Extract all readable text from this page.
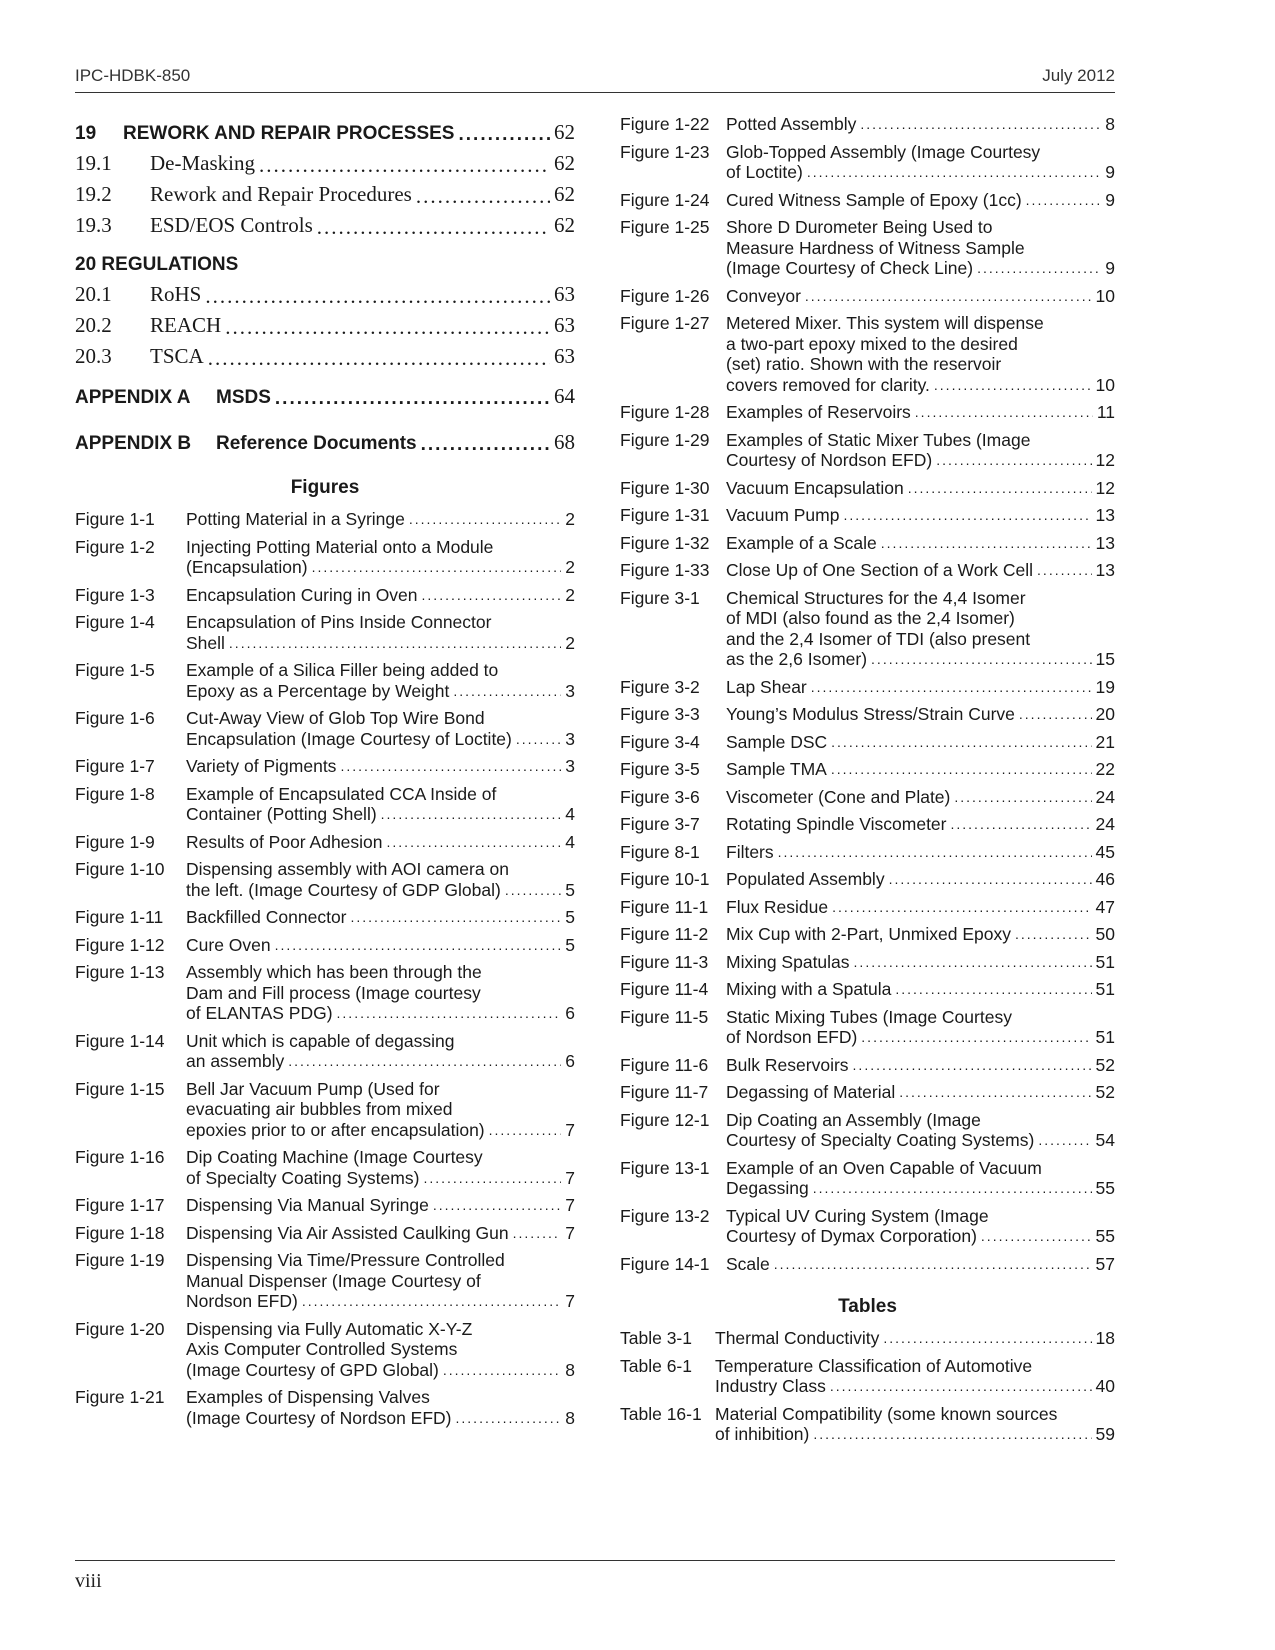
IPC-HDBK-850	July 2012
19	REWORK AND REPAIR PROCESSES .....	62
19.1	De-Masking .....	62
19.2	Rework and Repair Procedures .....	62
19.3	ESD/EOS Controls .....	62
20
REGULATIONS
20.1	RoHS .....	63
20.2	REACH .....	63
20.3	TSCA .....	63
APPENDIX A	MSDS .....	64
APPENDIX B	Reference Documents .....	68
Figures
Figure 1-1	Potting Material in a Syringe .....	2
Figure 1-2	Injecting Potting Material onto a Module
(Encapsulation) .....	2
Figure 1-3	Encapsulation Curing in Oven .....	2
Figure 1-4	Encapsulation of Pins Inside Connector
Shell .....	2
Figure 1-5	Example of a Silica Filler being added to
Epoxy as a Percentage by Weight .....	3
Figure 1-6	Cut-Away View of Glob Top Wire Bond
Encapsulation (Image Courtesy of Loctite) .....	3
Figure 1-7	Variety of Pigments .....	3
Figure 1-8	Example of Encapsulated CCA Inside of
Container (Potting Shell) .....	4
Figure 1-9	Results of Poor Adhesion .....	4
Figure 1-10	Dispensing assembly with AOI camera on
the left. (Image Courtesy of GDP Global) .....	5
Figure 1-11	Backfilled Connector .....	5
Figure 1-12	Cure Oven .....	5
Figure 1-13	Assembly which has been through the
Dam and Fill process (Image courtesy
of ELANTAS PDG) .....	6
Figure 1-14	Unit which is capable of degassing
an assembly .....	6
Figure 1-15	Bell Jar Vacuum Pump (Used for
evacuating air bubbles from mixed
epoxies prior to or after encapsulation) .....	7
Figure 1-16	Dip Coating Machine (Image Courtesy
of Specialty Coating Systems) .....	7
Figure 1-17	Dispensing Via Manual Syringe .....	7
Figure 1-18	Dispensing Via Air Assisted Caulking Gun .....	7
Figure 1-19	Dispensing Via Time/Pressure Controlled
Manual Dispenser (Image Courtesy of
Nordson EFD) .....	7
Figure 1-20	Dispensing via Fully Automatic X-Y-Z
Axis Computer Controlled Systems
(Image Courtesy of GPD Global) .....	8
Figure 1-21	Examples of Dispensing Valves
(Image Courtesy of Nordson EFD) .....	8
Figure 1-22 Potted Assembly .....	8
Figure 1-23 Glob-Topped Assembly (Image Courtesy
of Loctite) .....	9
Figure 1-24 Cured Witness Sample of Epoxy (1cc) .....	9
Figure 1-25 Shore D Durometer Being Used to
Measure Hardness of Witness Sample
(Image Courtesy of Check Line) .....	9
Figure 1-26 Conveyor .....	10
Figure 1-27 Metered Mixer. This system will dispense
a two-part epoxy mixed to the desired
(set) ratio. Shown with the reservoir
covers removed for clarity. .....	10
Figure 1-28 Examples of Reservoirs .....	11
Figure 1-29 Examples of Static Mixer Tubes (Image
Courtesy of Nordson EFD) .....	12
Figure 1-30 Vacuum Encapsulation .....	12
Figure 1-31 Vacuum Pump .....	13
Figure 1-32 Example of a Scale .....	13
Figure 1-33 Close Up of One Section of a Work Cell .....	13
Figure 3-1	Chemical Structures for the 4,4 Isomer
of MDI (also found as the 2,4 Isomer)
and the 2,4 Isomer of TDI (also present
as the 2,6 Isomer) .....	15
Figure 3-2	Lap Shear .....	19
Figure 3-3	Young’s Modulus Stress/Strain Curve .....	20
Figure 3-4	Sample DSC .....	21
Figure 3-5	Sample TMA .....	22
Figure 3-6	Viscometer (Cone and Plate) .....	24
Figure 3-7	Rotating Spindle Viscometer .....	24
Figure 8-1	Filters .....	45
Figure 10-1 Populated Assembly .....	46
Figure 11-1	Flux Residue .....	47
Figure 11-2	Mix Cup with 2-Part, Unmixed Epoxy .....	50
Figure 11-3	Mixing Spatulas .....	51
Figure 11-4	Mixing with a Spatula .....	51
Figure 11-5	Static Mixing Tubes (Image Courtesy
of Nordson EFD) .....	51
Figure 11-6	Bulk Reservoirs .....	52
Figure 11-7	Degassing of Material .....	52
Figure 12-1 Dip Coating an Assembly (Image
Courtesy of Specialty Coating Systems) .....	54
Figure 13-1 Example of an Oven Capable of Vacuum
Degassing .....	55
Figure 13-2 Typical UV Curing System (Image
Courtesy of Dymax Corporation) .....	55
Figure 14-1 Scale .....	57
Tables
Table 3-1	Thermal Conductivity .....	18
Table 6-1	Temperature Classification of Automotive
Industry Class .....	40
Table 16-1 Material Compatibility (some known sources
of inhibition) .....	59
viii
